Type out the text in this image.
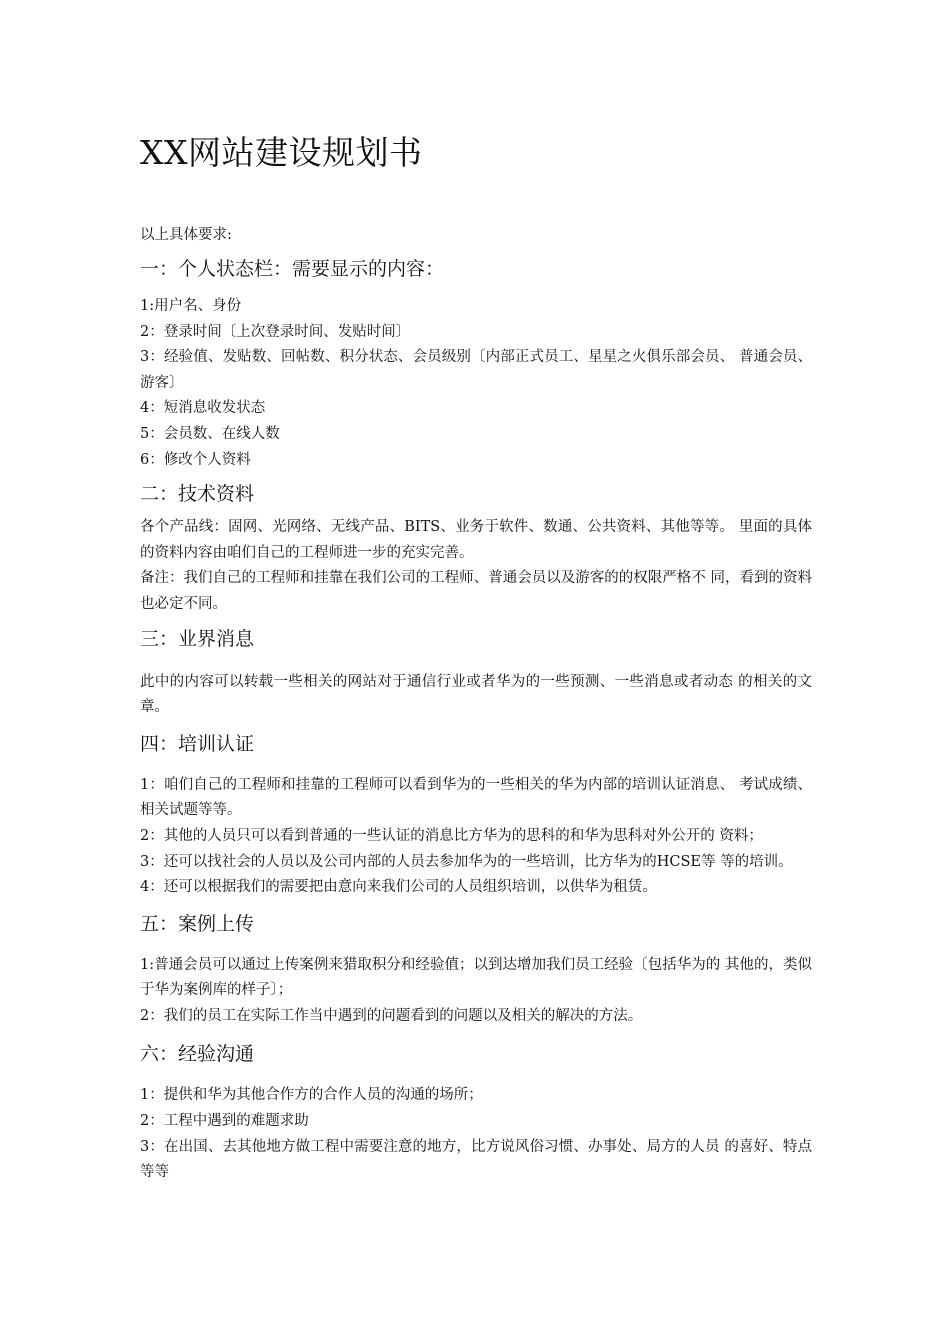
XX网站建设规划书

以上具体要求:

一：个人状态栏：需要显示的内容：

1:用户名、身份

2：登录时间〔上次登录时间、发贴时间〕

3：经验值、发贴数、回帖数、积分状态、会员级别〔内部正式员工、星星之火俱乐部会员、 普通会员、游客〕

4：短消息收发状态

5：会员数、在线人数

6：修改个人资料

二：技术资料

各个产品线：固网、光网络、无线产品、BITS、业务于软件、数通、公共资料、其他等等。 里面的具体的资料内容由咱们自己的工程师进一步的充实完善。

备注：我们自己的工程师和挂靠在我们公司的工程师、普通会员以及游客的的权限严格不 同，看到的资料也必定不同。

三：业界消息

此中的内容可以转载一些相关的网站对于通信行业或者华为的一些预测、一些消息或者动态 的相关的文章。

四：培训认证

1：咱们自己的工程师和挂靠的工程师可以看到华为的一些相关的华为内部的培训认证消息、 考试成绩、相关试题等等。

2：其他的人员只可以看到普通的一些认证的消息比方华为的思科的和华为思科对外公开的 资料；

3：还可以找社会的人员以及公司内部的人员去参加华为的一些培训，比方华为的HCSE等 等的培训。

4：还可以根据我们的需要把由意向来我们公司的人员组织培训，以供华为租赁。

五：案例上传

1:普通会员可以通过上传案例来猎取积分和经验值；以到达增加我们员工经验〔包括华为的 其他的，类似于华为案例库的样子〕；

2：我们的员工在实际工作当中遇到的问题看到的问题以及相关的解决的方法。

六：经验沟通

1：提供和华为其他合作方的合作人员的沟通的场所；

2：工程中遇到的难题求助

3：在出国、去其他地方做工程中需要注意的地方，比方说风俗习惯、办事处、局方的人员 的喜好、特点等等
